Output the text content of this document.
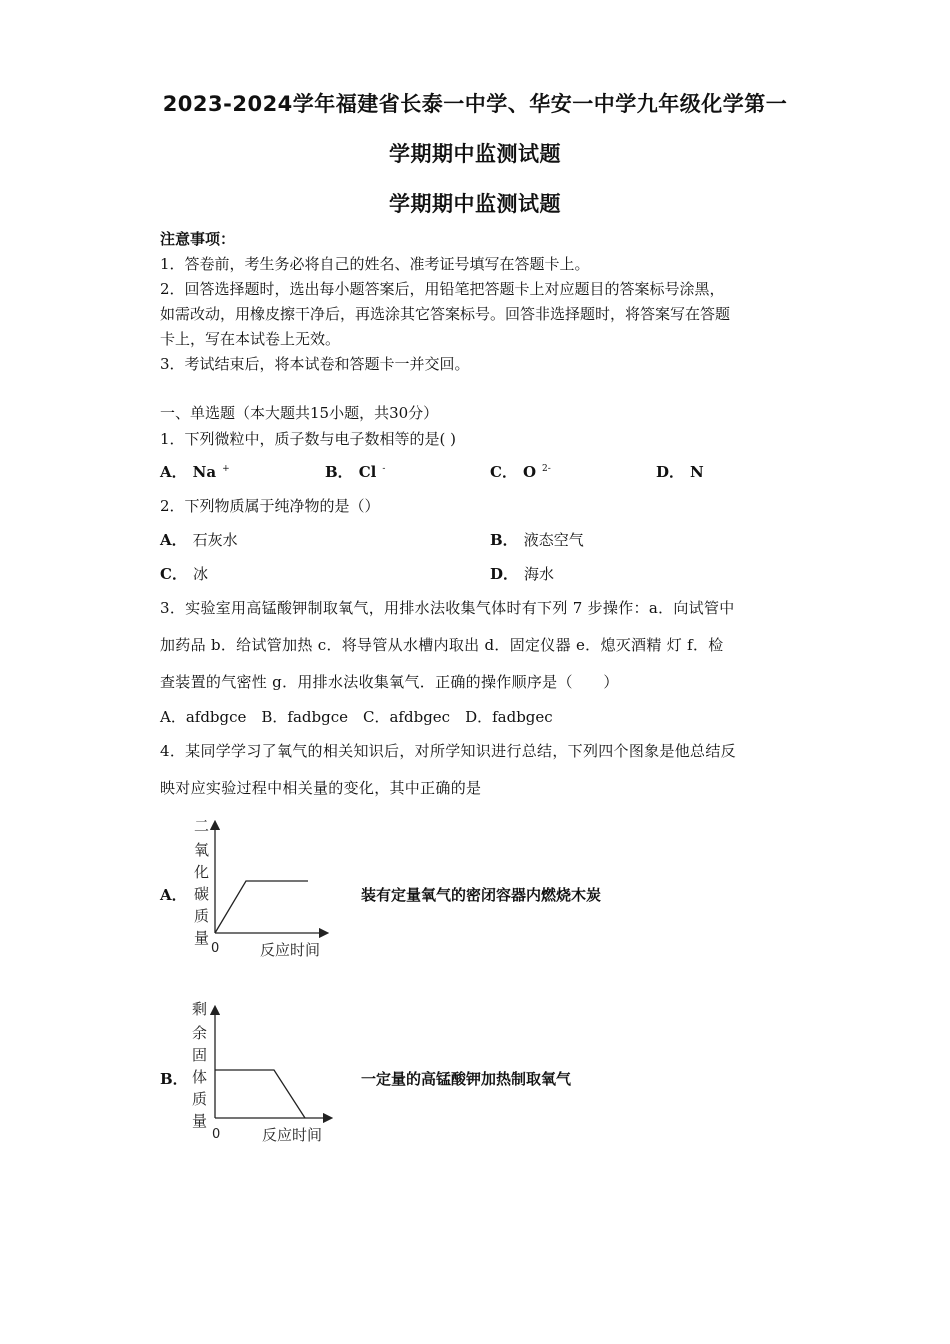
2023-2024学年福建省长泰一中学、华安一中学九年级化学第一
学期期中监测试题
学期期中监测试题
注意事项：
1．答卷前，考生务必将自己的姓名、准考证号填写在答题卡上。
2．回答选择题时，选出每小题答案后，用铅笔把答题卡上对应题目的答案标号涂黑，
如需改动，用橡皮擦干净后，再选涂其它答案标号。回答非选择题时，将答案写在答题
卡上，写在本试卷上无效。
3．考试结束后，将本试卷和答题卡一并交回。
一、单选题（本大题共15小题，共30分）
1．下列微粒中，质子数与电子数相等的是( )
A． Na +	B． Cl -	C． O $^{2-}$	D． N
2．下列物质属于纯净物的是（）
A． 石灰水	B． 液态空气
C． 冰	D． 海水
3．实验室用高锰酸钾制取氧气，用排水法收集气体时有下列 7 步操作：a．向试管中
加药品 b．给试管加热 c．将导管从水槽内取出 d．固定仪器 e．熄灭酒精 灯 f．检
查装置的气密性 g．用排水法收集氧气．正确的操作顺序是（　　）
A．afdbgce　B．fadbgce　C．afdbgec　D．fadbgec
4．某同学学习了氧气的相关知识后，对所学知识进行总结，下列四个图象是他总结反
映对应实验过程中相关量的变化，其中正确的是
A．
二
氧
化
碳
质
量
0	反应时间
装有定量氧气的密闭容器内燃烧木炭
B．
剩
余
固
体
质
量
0	反应时间
一定量的高锰酸钾加热制取氧气
